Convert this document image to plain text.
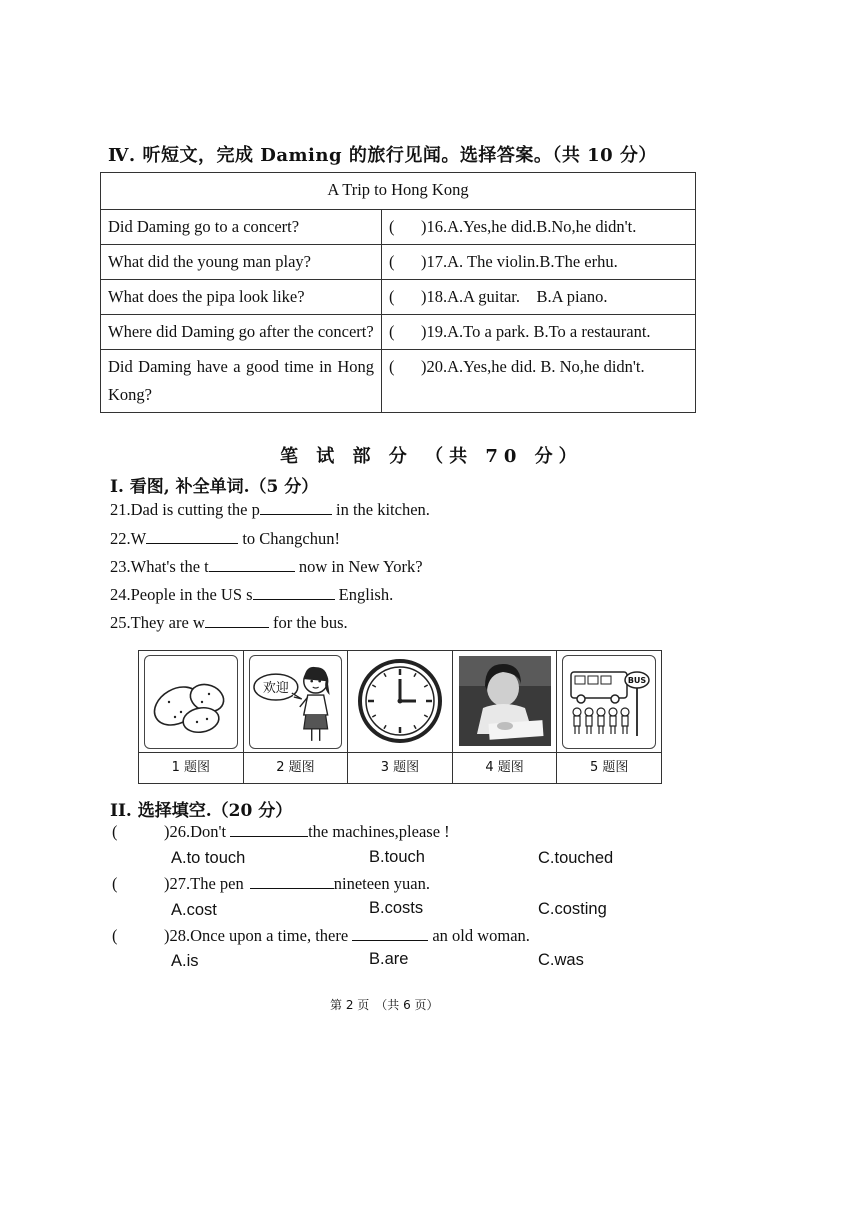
Ⅳ. 听短文，完成 Daming 的旅行见闻。选择答案。（共 10 分）
A Trip to Hong Kong	
Did Daming go to a concert?	( )16.A.Yes,he did.B.No,he didn't.
What did the young man play?	( )17.A. The violin.B.The erhu.
What does the pipa look like?	( )18.A.A guitar.    B.A piano.
Where did Daming go after the concert?	( )19.A.To a park. B.To a restaurant.
Did Daming have a good time in Hong Kong?	( )20.A.Yes,he did. B. No,he didn't.
笔 试 部 分 （共 70 分）
I. 看图, 补全单词.（5 分）
21.Dad is cutting the p	in the kitchen.
22.W	to Changchun!
23.What's the t	now in New York?
24.People in the US s	English.
25.They are w	for the bus.
1 题图
欢迎
2 题图	3 题图	4 题图
BUS
5 题图
II. 选择填空.（20 分）
(	)26.Don't	the machines,please !
A.to touch	B.touch	C.touched
(	)27.The pen	nineteen yuan.
A.cost	B.costs	C.costing
(	)28.Once upon a time, there	an old woman.
A.is	B.are	C.was
第 2 页　（共 6 页）
